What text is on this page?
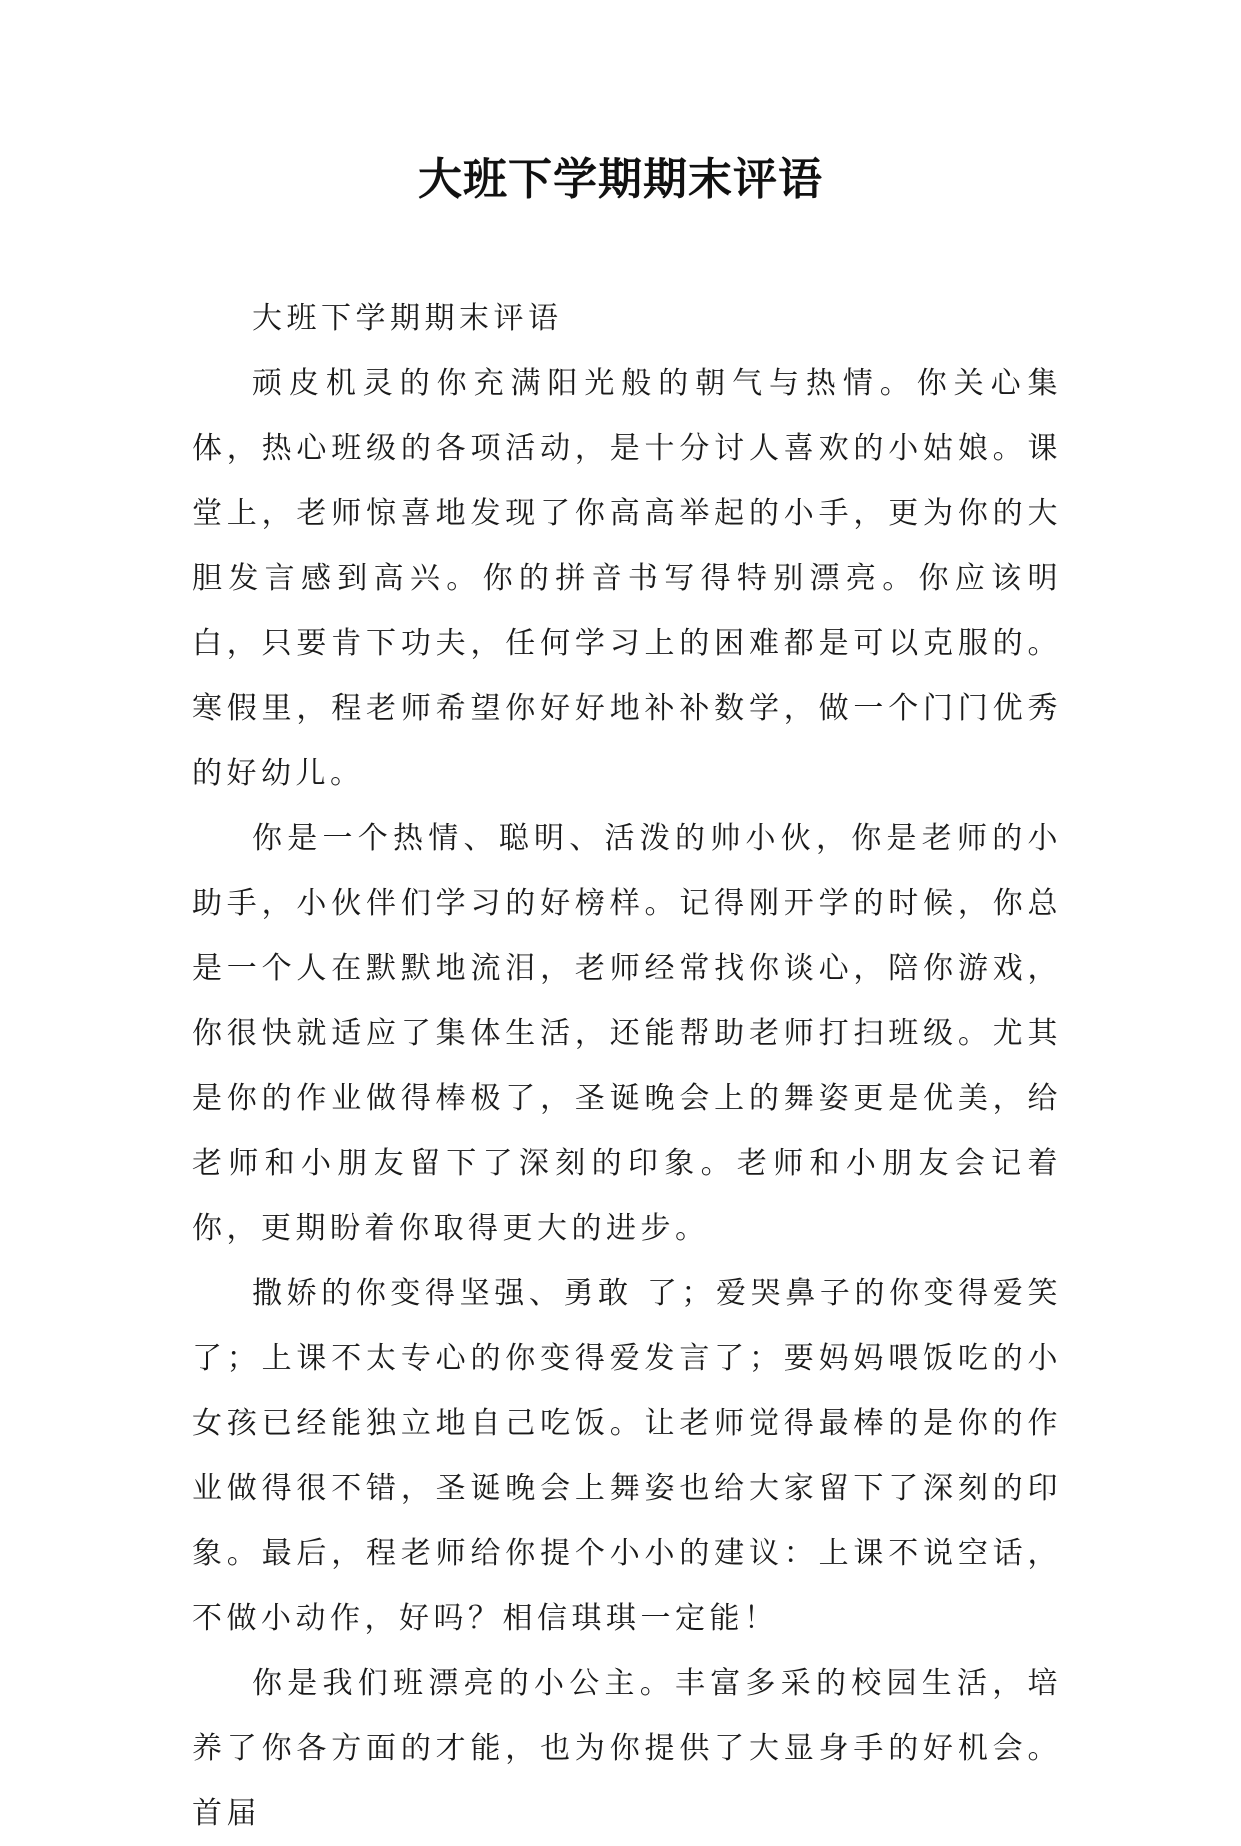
大班下学期期末评语

大班下学期期末评语

顽皮机灵的你充满阳光般的朝气与热情。你关心集体，热心班级的各项活动，是十分讨人喜欢的小姑娘。课堂上，老师惊喜地发现了你高高举起的小手，更为你的大胆发言感到高兴。你的拼音书写得特别漂亮。你应该明白，只要肯下功夫，任何学习上的困难都是可以克服的。寒假里，程老师希望你好好地补补数学，做一个门门优秀的好幼儿。

你是一个热情、聪明、活泼的帅小伙，你是老师的小助手，小伙伴们学习的好榜样。记得刚开学的时候，你总是一个人在默默地流泪，老师经常找你谈心，陪你游戏，你很快就适应了集体生活，还能帮助老师打扫班级。尤其是你的作业做得棒极了，圣诞晚会上的舞姿更是优美，给老师和小朋友留下了深刻的印象。老师和小朋友会记着你，更期盼着你取得更大的进步。

撒娇的你变得坚强、勇敢 了；爱哭鼻子的你变得爱笑了；上课不太专心的你变得爱发言了；要妈妈喂饭吃的小女孩已经能独立地自己吃饭。让老师觉得最棒的是你的作业做得很不错，圣诞晚会上舞姿也给大家留下了深刻的印象。最后，程老师给你提个小小的建议：上课不说空话，不做小动作，好吗？相信琪琪一定能！

你是我们班漂亮的小公主。丰富多采的校园生活，培养了你各方面的才能，也为你提供了大显身手的好机会。首届
